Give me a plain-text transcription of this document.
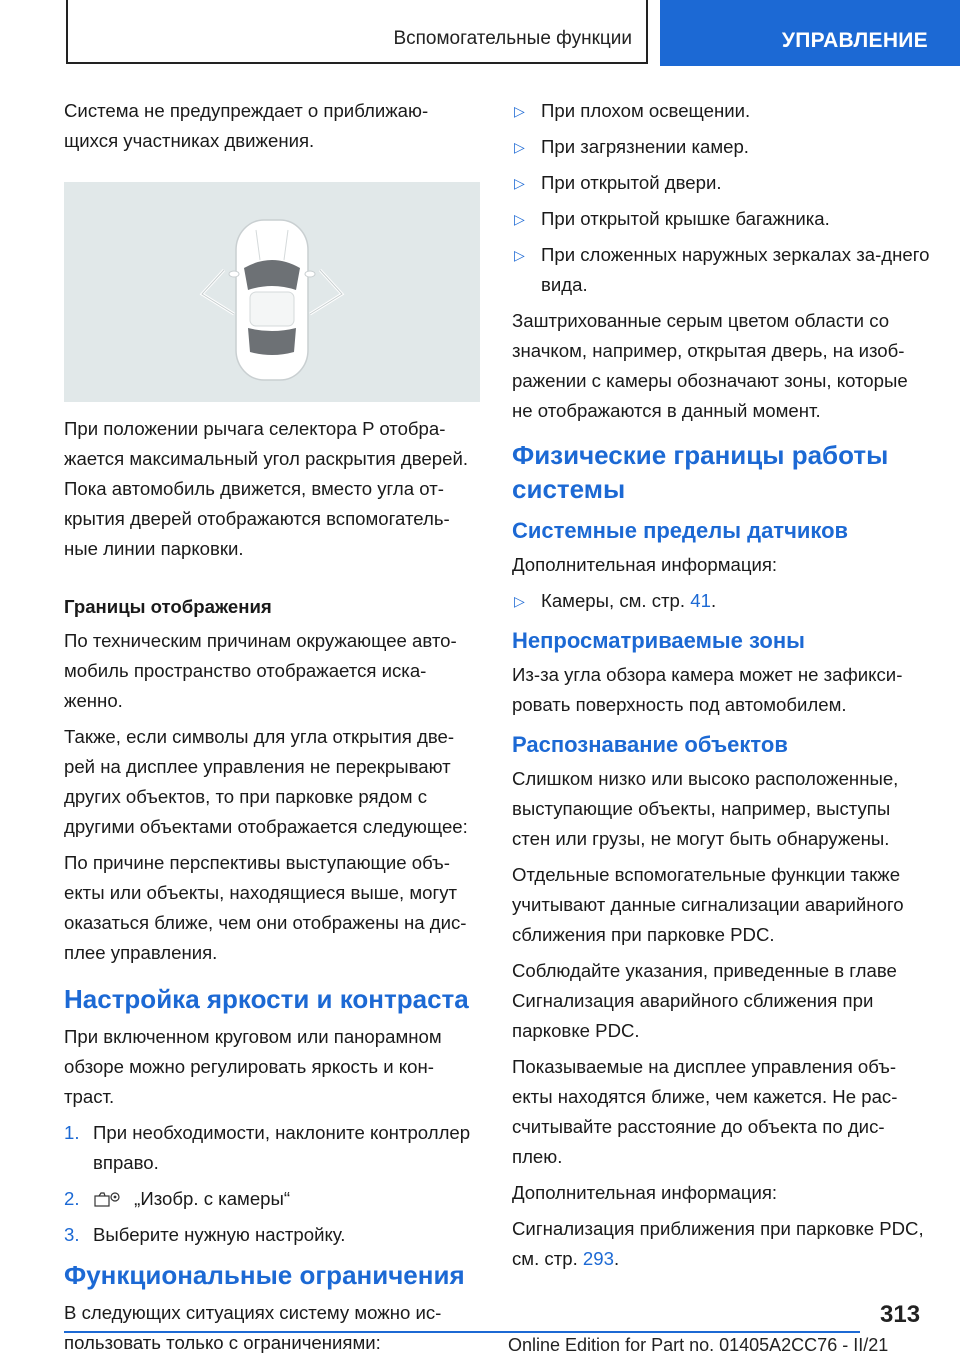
Вспомогательные функции	УПРАВЛЕНИЕ

Система не предупреждает о приближаю-щихся участниках движения.

При положении рычага селектора P отобра-жается максимальный угол раскрытия дверей. Пока автомобиль движется, вместо угла от-крытия дверей отображаются вспомогатель-ные линии парковки.

Границы отображения

По техническим причинам окружающее авто-мобиль пространство отображается иска-женно.

Также, если символы для угла открытия две-рей на дисплее управления не перекрывают других объектов, то при парковке рядом с другими объектами отображается следующее:

По причине перспективы выступающие объ-екты или объекты, находящиеся выше, могут оказаться ближе, чем они отображены на дис-плее управления.

Настройка яркости и контраста

При включенном круговом или панорамном обзоре можно регулировать яркость и кон-траст.

1. При необходимости, наклоните контроллер вправо.
2.	„Изобр. с камеры“
3. Выберите нужную настройку.
Функциональные ограничения

В следующих ситуациях систему можно ис-пользовать только с ограничениями:

▷ При плохом освещении.
▷ При загрязнении камер.
▷ При открытой двери.
▷ При открытой крышке багажника.
▷ При сложенных наружных зеркалах за-днего вида.

Заштрихованные серым цветом области со значком, например, открытая дверь, на изоб-ражении с камеры обозначают зоны, которые не отображаются в данный момент.

Физические границы работы системы
Системные пределы датчиков

Дополнительная информация:

▷ Камеры, см. стр. 41.
Непросматриваемые зоны

Из-за угла обзора камера может не зафикси-ровать поверхность под автомобилем.

Распознавание объектов

Слишком низко или высоко расположенные, выступающие объекты, например, выступы стен или грузы, не могут быть обнаружены.

Отдельные вспомогательные функции также учитывают данные сигнализации аварийного сближения при парковке PDC.

Соблюдайте указания, приведенные в главе Сигнализация аварийного сближения при парковке PDC.

Показываемые на дисплее управления объ-екты находятся ближе, чем кажется. Не рас-считывайте расстояние до объекта по дис-плею.

Дополнительная информация:

Сигнализация приближения при парковке PDC, см. стр. 293.

313
Online Edition for Part no. 01405A2CC76 - II/21
